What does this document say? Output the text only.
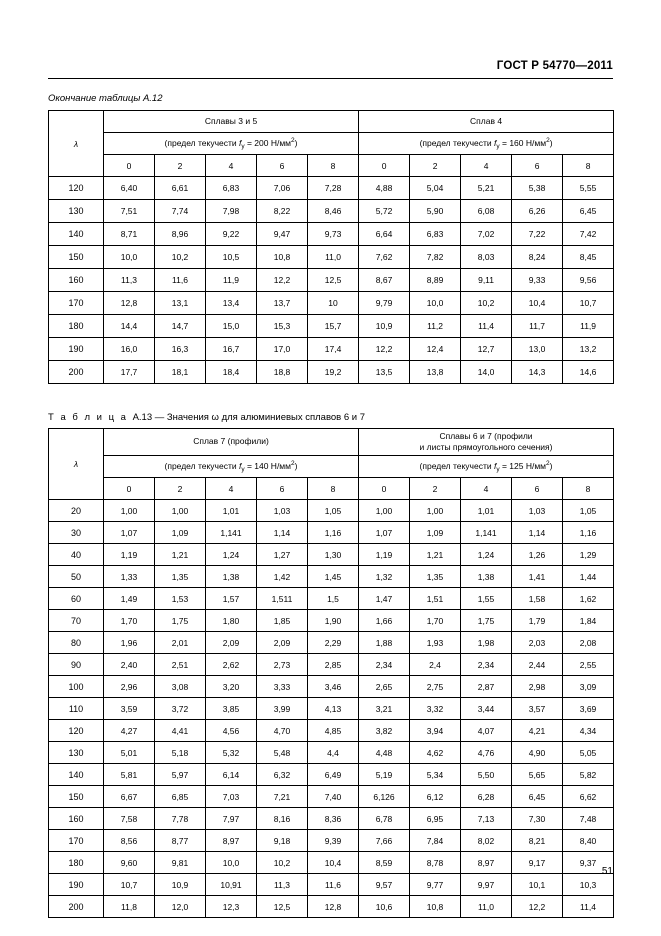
ГОСТ Р 54770—2011
Окончание таблицы А.12
λ	Сплавы 3 и 5					Сплав 4				
	(предел текучести $f_y = 200$ $Н/мм^2$)					(предел текучести $f_y = 160$ $Н/мм^2$)				
	0	2	4	6	8	0	2	4	6	8
120	6,40	6,61	6,83	7,06	7,28	4,88	5,04	5,21	5,38	5,55
130	7,51	7,74	7,98	8,22	8,46	5,72	5,90	6,08	6,26	6,45
140	8,71	8,96	9,22	9,47	9,73	6,64	6,83	7,02	7,22	7,42
150	10,0	10,2	10,5	10,8	11,0	7,62	7,82	8,03	8,24	8,45
160	11,3	11,6	11,9	12,2	12,5	8,67	8,89	9,11	9,33	9,56
170	12,8	13,1	13,4	13,7	10	9,79	10,0	10,2	10,4	10,7
180	14,4	14,7	15,0	15,3	15,7	10,9	11,2	11,4	11,7	11,9
190	16,0	16,3	16,7	17,0	17,4	12,2	12,4	12,7	13,0	13,2
200	17,7	18,1	18,4	18,8	19,2	13,5	13,8	14,0	14,3	14,6
Т а б л и ц а А.13 — Значения ω для алюминиевых сплавов 6 и 7
λ	Сплав 7 (профили)					Сплавы 6 и 7 (профили
и листы прямоугольного сечения)				

	(предел текучести $f_y = 140$ $Н/мм^2$)					(предел текучести $f_y = 125$ $Н/мм^2$)				
	0	2	4	6	8	0	2	4	6	8
20	1,00	1,00	1,01	1,03	1,05	1,00	1,00	1,01	1,03	1,05
30	1,07	1,09	1,141	1,14	1,16	1,07	1,09	1,141	1,14	1,16
40	1,19	1,21	1,24	1,27	1,30	1,19	1,21	1,24	1,26	1,29
50	1,33	1,35	1,38	1,42	1,45	1,32	1,35	1,38	1,41	1,44
60	1,49	1,53	1,57	1,511	1,5	1,47	1,51	1,55	1,58	1,62
70	1,70	1,75	1,80	1,85	1,90	1,66	1,70	1,75	1,79	1,84
80	1,96	2,01	2,09	2,09	2,29	1,88	1,93	1,98	2,03	2,08
90	2,40	2,51	2,62	2,73	2,85	2,34	2,4	2,34	2,44	2,55
100	2,96	3,08	3,20	3,33	3,46	2,65	2,75	2,87	2,98	3,09
110	3,59	3,72	3,85	3,99	4,13	3,21	3,32	3,44	3,57	3,69
120	4,27	4,41	4,56	4,70	4,85	3,82	3,94	4,07	4,21	4,34
130	5,01	5,18	5,32	5,48	4,4	4,48	4,62	4,76	4,90	5,05
140	5,81	5,97	6,14	6,32	6,49	5,19	5,34	5,50	5,65	5,82
150	6,67	6,85	7,03	7,21	7,40	6,126	6,12	6,28	6,45	6,62
160	7,58	7,78	7,97	8,16	8,36	6,78	6,95	7,13	7,30	7,48
170	8,56	8,77	8,97	9,18	9,39	7,66	7,84	8,02	8,21	8,40
180	9,60	9,81	10,0	10,2	10,4	8,59	8,78	8,97	9,17	9,37
190	10,7	10,9	10,91	11,3	11,6	9,57	9,77	9,97	10,1	10,3
200	11,8	12,0	12,3	12,5	12,8	10,6	10,8	11,0	12,2	11,4
51
